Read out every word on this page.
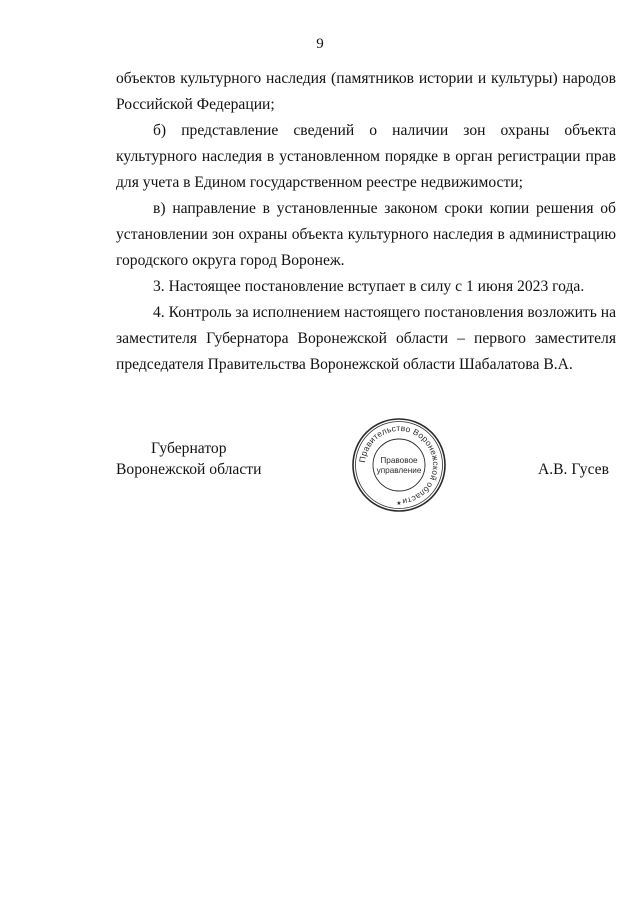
9

объектов культурного наследия (памятников истории и культуры) народов Российской Федерации;

б) представление сведений о наличии зон охраны объекта культурного наследия в установленном порядке в орган регистрации прав для учета в Едином государственном реестре недвижимости;

в) направление в установленные законом сроки копии решения об установлении зон охраны объекта культурного наследия в администрацию городского округа город Воронеж.

3. Настоящее постановление вступает в силу с 1 июня 2023 года.

4. Контроль за исполнением настоящего постановления возложить на заместителя Губернатора Воронежской области – первого заместителя председателя Правительства Воронежской области Шабалатова В.А.

Губернатор
Воронежской области
Правительство Воронежской области
Правовое
управление
★
А.В. Гусев
